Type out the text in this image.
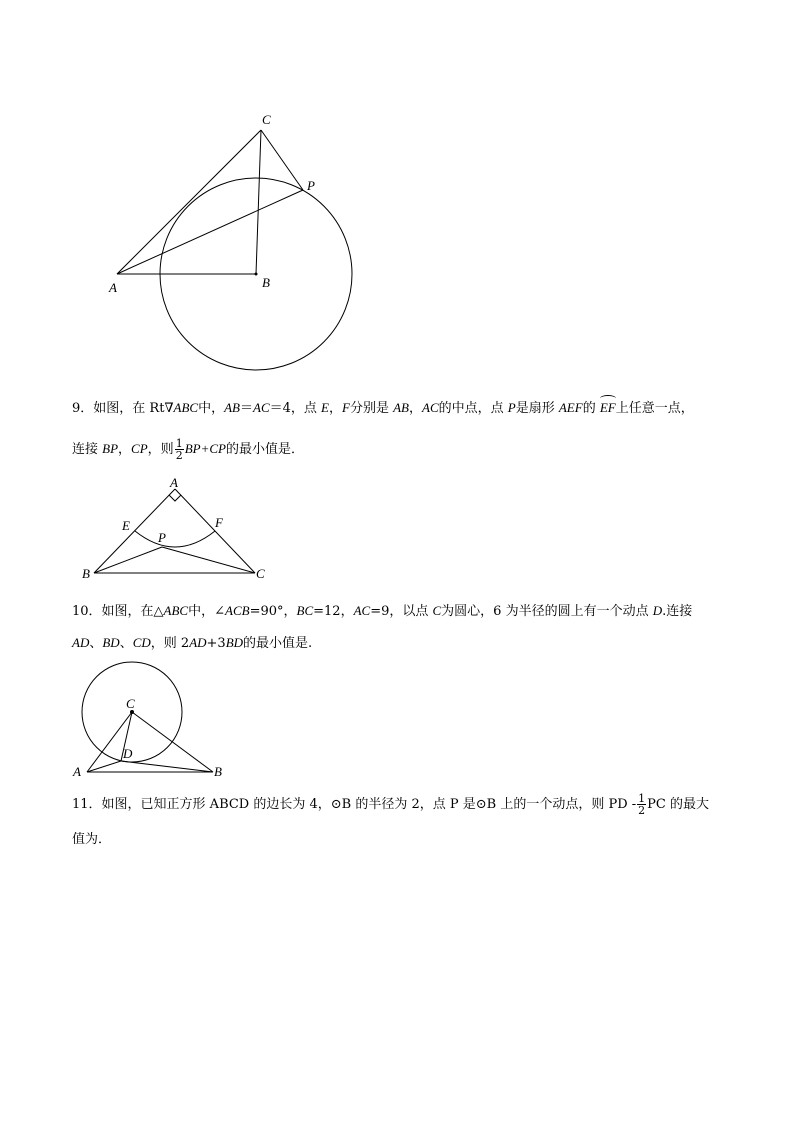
C
P
A	B
9．如图，在 Rt∇ABC中，AB＝AC＝4，点 E，F分别是 AB，AC的中点，点 P是扇形 AEF的 EF上任意一点，
连接 BP，CP，则 $\frac{1}{2} BP+CP$的最小值是．
A
E	F
P
B	C
10．如图，在△ABC中，∠ACB=90°，BC=12，AC=9，以点 C为圆心，6 为半径的圆上有一个动点 D.连接
AD、BD、CD，则 2AD+3BD的最小值是.
C
D
A	B
11．如图，已知正方形 ABCD 的边长为 4，⊙B 的半径为 2，点 P 是⊙B 上的一个动点，则 PD - $\frac{1}{2}$ PC 的最大
值为．
